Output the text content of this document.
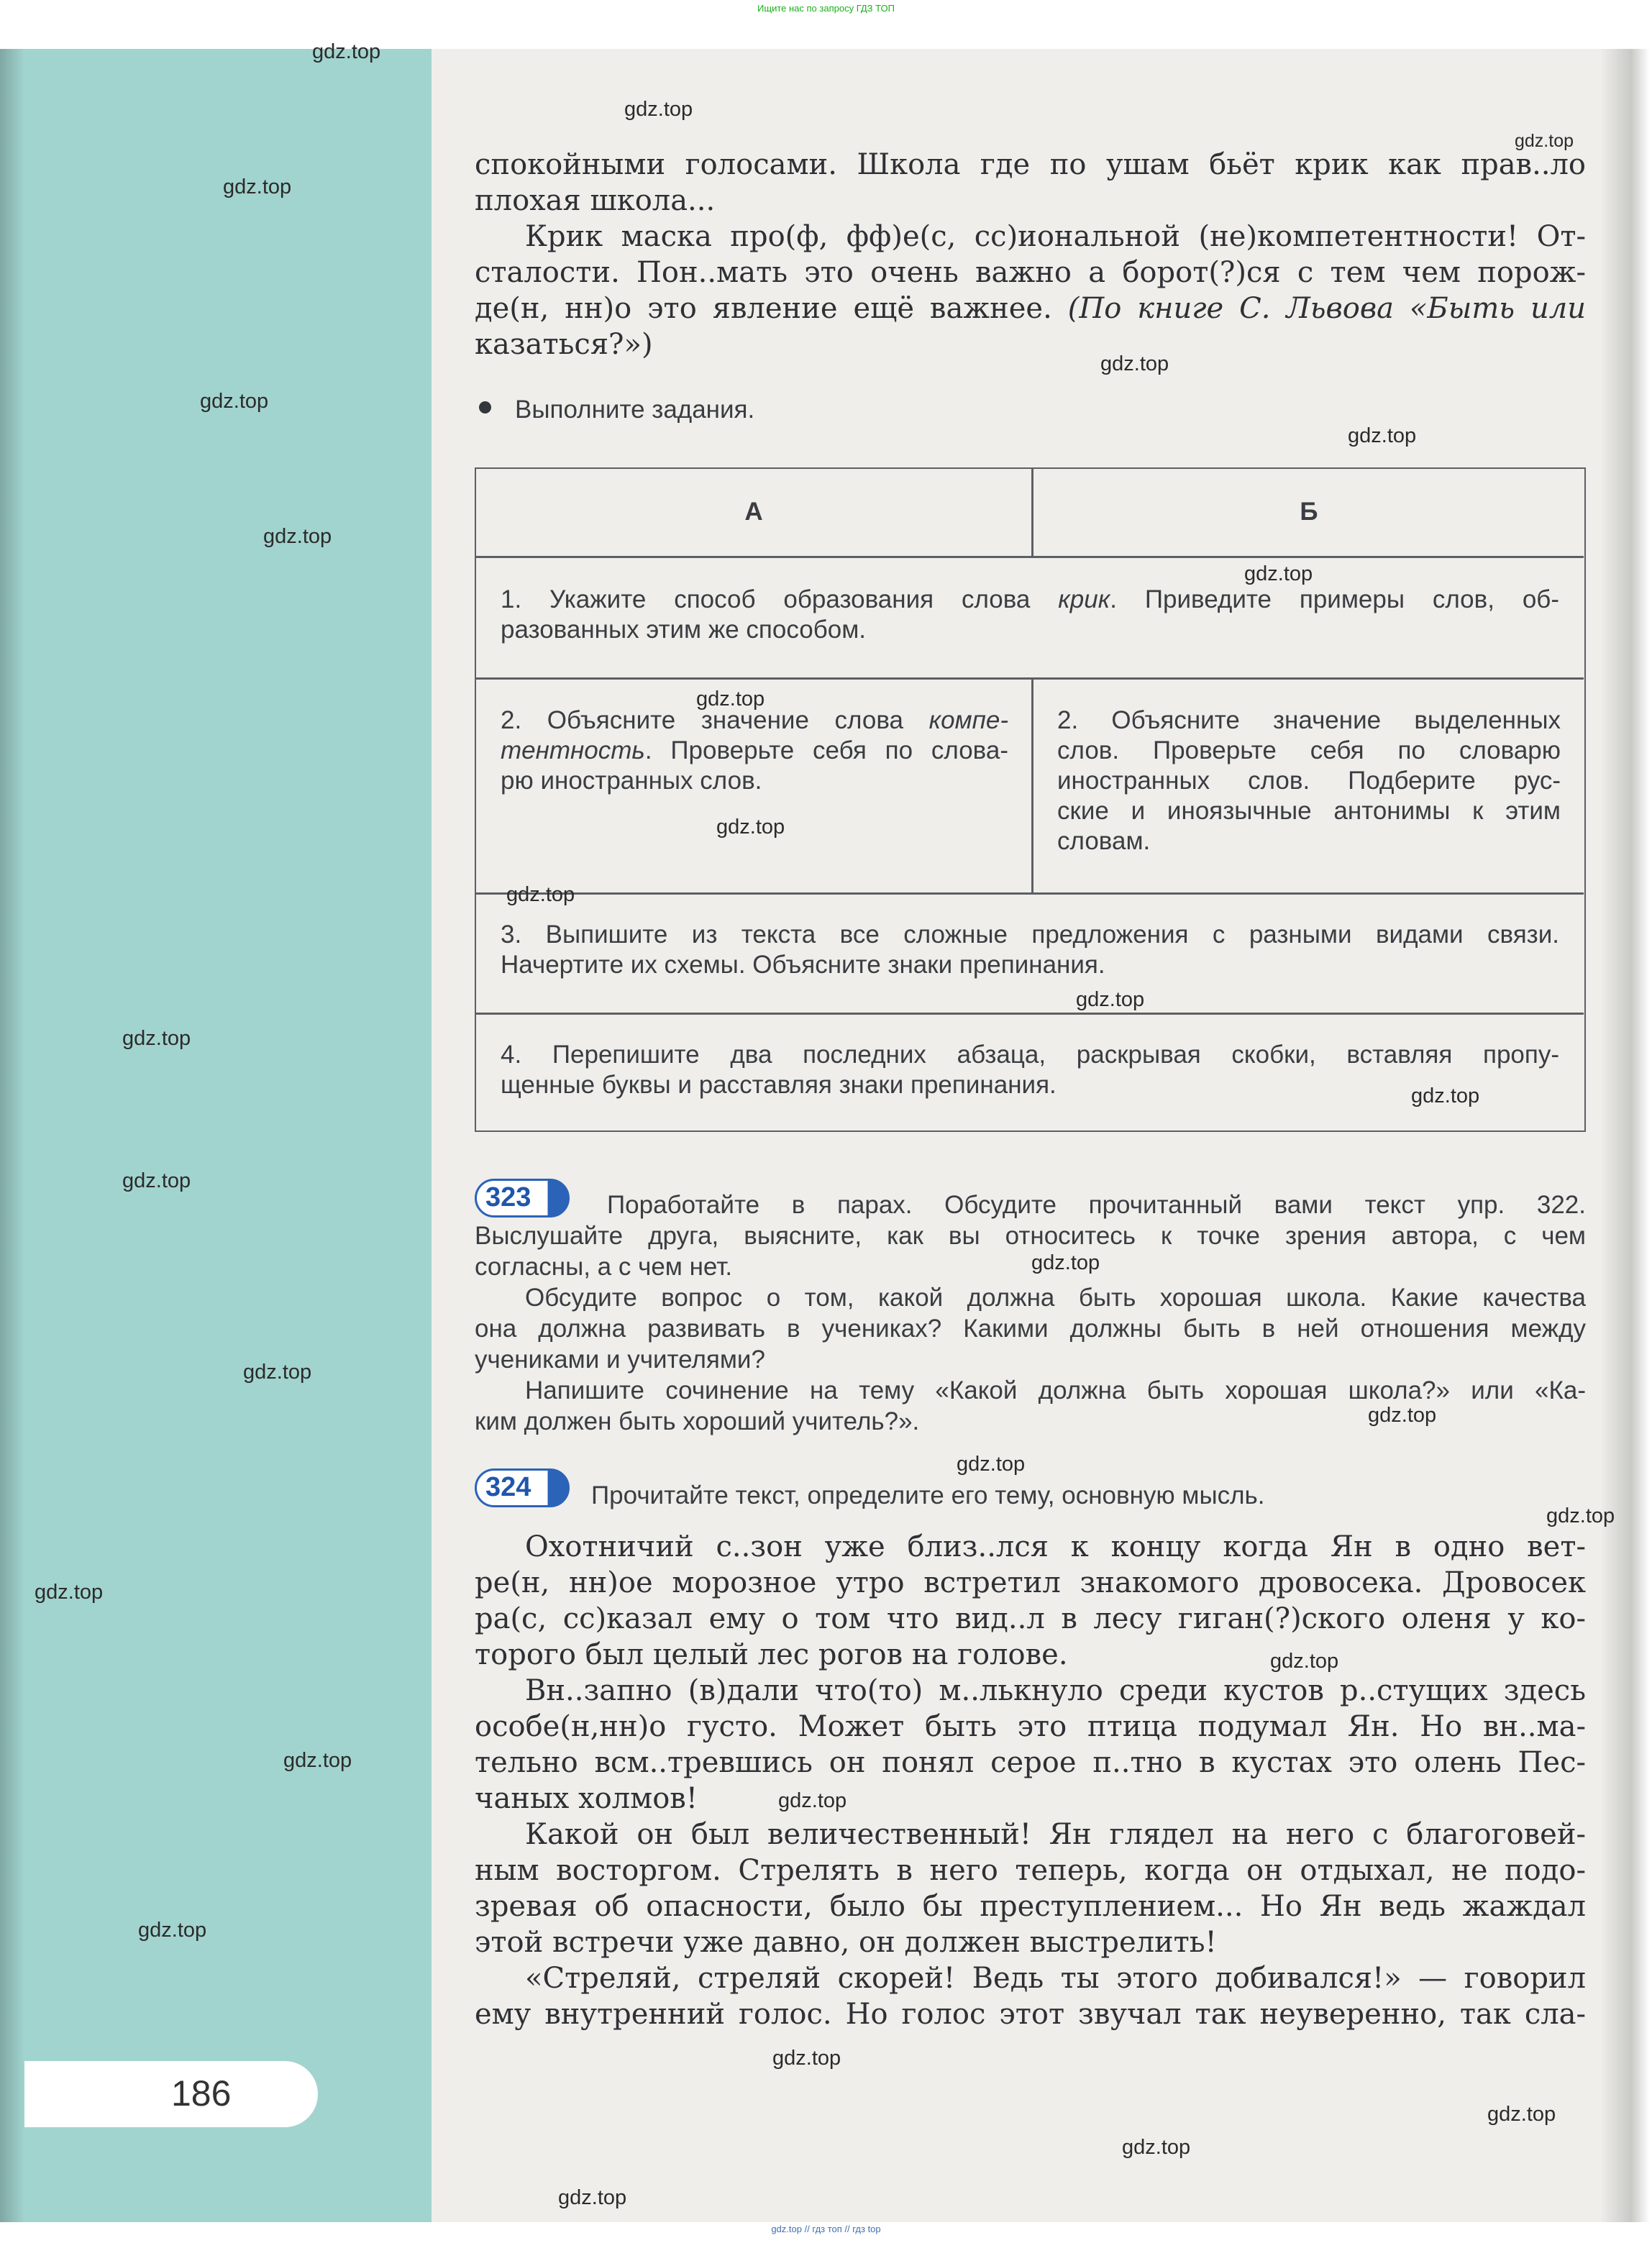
Ищите нас по запросу ГДЗ ТОП
186
спокойными голосами. Школа где по ушам бьёт крик как прав..ло
плохая школа...
Крик маска про(ф, фф)е(с, сс)иональной (не)компетентности! От-
сталости. Пон..мать это очень важно а борот(?)ся с тем чем порож-
де(н, нн)о это явление ещё важнее. (По книге С. Львова «Быть или
казаться?»)
Выполните задания.
А	Б
1. Укажите способ образования слова крик. Приведите примеры слов, об-
разованных этим же способом.
2. Объясните значение слова компе-
тентность. Проверьте себя по слова-
рю иностранных слов.
2. Объясните значение выделенных
слов. Проверьте себя по словарю
иностранных слов. Подберите рус-
ские и иноязычные антонимы к этим
словам.
3. Выпишите из текста все сложные предложения с разными видами связи.
Начертите их схемы. Объясните знаки препинания.
4. Перепишите два последних абзаца, раскрывая скобки, вставляя пропу-
щенные буквы и расставляя знаки препинания.
323	Поработайте в парах. Обсудите прочитанный вами текст упр. 322.
Выслушайте друга, выясните, как вы относитесь к точке зрения автора, с чем
согласны, а с чем нет.
Обсудите вопрос о том, какой должна быть хорошая школа. Какие качества
она должна развивать в учениках? Какими должны быть в ней отношения между
учениками и учителями?
Напишите сочинение на тему «Какой должна быть хорошая школа?» или «Ка-
ким должен быть хороший учитель?».
324 Прочитайте текст, определите его тему, основную мысль.
Охотничий с..зон уже близ..лся к концу когда Ян в одно вет-
ре(н, нн)ое морозное утро встретил знакомого дровосека. Дровосек
ра(с, сс)казал ему о том что вид..л в лесу гиган(?)ского оленя у ко-
торого был целый лес рогов на голове.
Вн..запно (в)дали что(то) м..лькнуло среди кустов р..стущих здесь
особе(н,нн)о густо. Может быть это птица подумал Ян. Но вн..ма-
тельно всм..тревшись он понял серое п..тно в кустах это олень Пес-
чаных холмов!
Какой он был величественный! Ян глядел на него с благоговей-
ным восторгом. Стрелять в него теперь, когда он отдыхал, не подо-
зревая об опасности, было бы преступлением... Но Ян ведь жаждал
этой встречи уже давно, он должен выстрелить!
«Стреляй, стреляй скорей! Ведь ты этого добивался!» — говорил
ему внутренний голос. Но голос этот звучал так неуверенно, так сла-
gdz.top
gdz.top
gdz.top
gdz.top
gdz.top
gdz.top
gdz.top
gdz.top
gdz.top
gdz.top
gdz.top
gdz.top
gdz.top
gdz.top
gdz.top
gdz.top
gdz.top
gdz.top
gdz.top
gdz.top
gdz.top
gdz.top
gdz.top
gdz.top
gdz.top
gdz.top
gdz.top
gdz.top
gdz.top
gdz.top
gdz.top // гдз топ // гдз top
